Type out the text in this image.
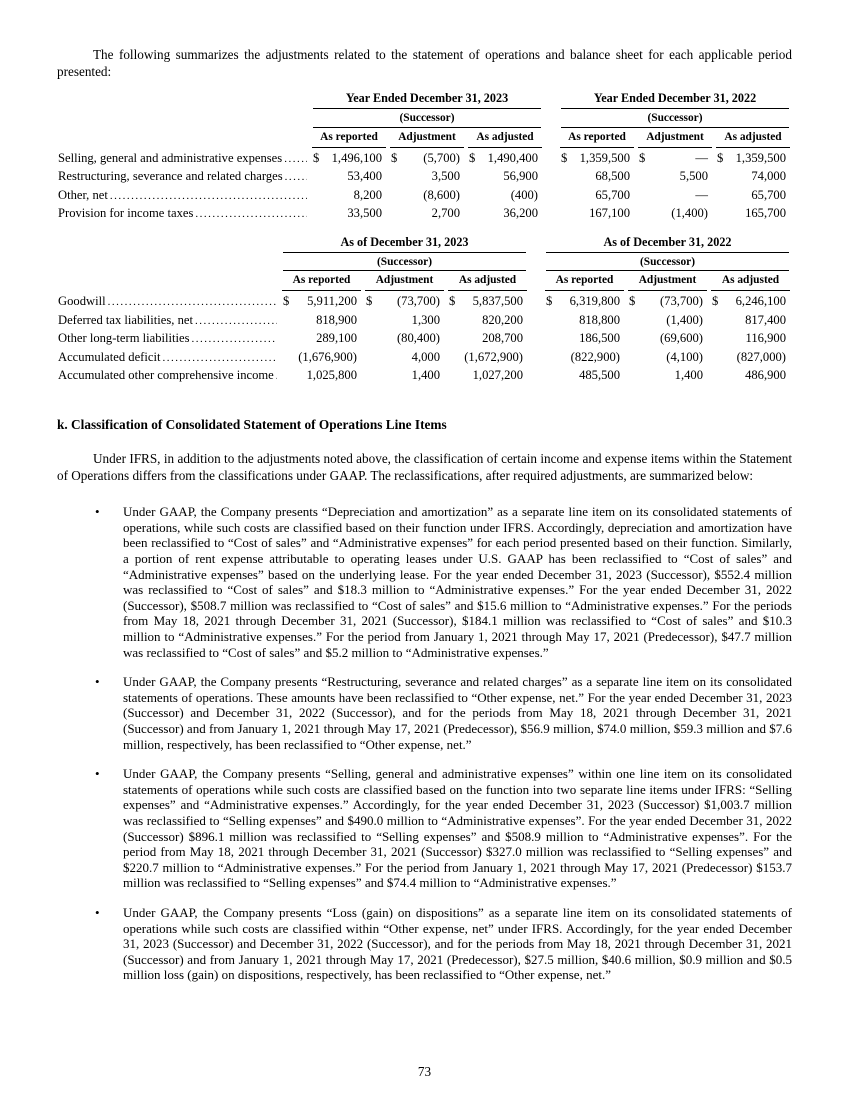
The following summarizes the adjustments related to the statement of operations and balance sheet for each applicable period presented:

	Year Ended December 31, 2023				Year Ended December 31, 2022		

	(Successor)				(Successor)		

	As reported	Adjustment	As adjusted		As reported	Adjustment	As adjusted

Selling, general and administrative expenses
.....	$ 1,496,100	$ (5,700)	$ 1,490,400		$ 1,359,500	$ —	$ 1,359,500

Restructuring, severance and related charges
.....	53,400	3,500	56,900		68,500	5,500	74,000

Other, net
.....	8,200	(8,600)	(400)		65,700	—	65,700

Provision for income taxes
.....	33,500	2,700	36,200		167,100	(1,400)	165,700

	As of December 31, 2023				As of December 31, 2022		

	(Successor)				(Successor)		

	As reported	Adjustment	As adjusted		As reported	Adjustment	As adjusted

Goodwill
.....	$ 5,911,200	$ (73,700)	$ 5,837,500		$ 6,319,800	$ (73,700)	$ 6,246,100

Deferred tax liabilities, net
.....	818,900	1,300	820,200		818,800	(1,400)	817,400

Other long-term liabilities
.....	289,100	(80,400)	208,700		186,500	(69,600)	116,900

Accumulated deficit
.....	(1,676,900)	4,000	(1,672,900)		(822,900)	(4,100)	(827,000)

Accumulated other comprehensive income
.....	1,025,800	1,400	1,027,200		485,500	1,400	486,900
k. Classification of Consolidated Statement of Operations Line Items

Under IFRS, in addition to the adjustments noted above, the classification of certain income and expense items within the Statement of Operations differs from the classifications under GAAP. The reclassifications, after required adjustments, are summarized below:

•	Under GAAP, the Company presents “Depreciation and amortization” as a separate line item on its consolidated statements of operations, while such costs are classified based on their function under IFRS. Accordingly, depreciation and amortization have been reclassified to “Cost of sales” and “Administrative expenses” for each period presented based on their function. Similarly, a portion of rent expense attributable to operating leases under U.S. GAAP has been reclassified to “Cost of sales” and “Administrative expenses” based on the underlying lease. For the year ended December 31, 2023 (Successor), $552.4 million was reclassified to “Cost of sales” and $18.3 million to “Administrative expenses.” For the year ended December 31, 2022 (Successor), $508.7 million was reclassified to “Cost of sales” and $15.6 million to “Administrative expenses.” For the periods from May 18, 2021 through December 31, 2021 (Successor), $184.1 million was reclassified to “Cost of sales” and $10.3 million to “Administrative expenses.” For the period from January 1, 2021 through May 17, 2021 (Predecessor), $47.7 million was reclassified to “Cost of sales” and $5.2 million to “Administrative expenses.”

•	Under GAAP, the Company presents “Restructuring, severance and related charges” as a separate line item on its consolidated statements of operations. These amounts have been reclassified to “Other expense, net.” For the year ended December 31, 2023 (Successor) and December 31, 2022 (Successor), and for the periods from May 18, 2021 through December 31, 2021 (Successor) and from January 1, 2021 through May 17, 2021 (Predecessor), $56.9 million, $74.0 million, $59.3 million and $7.6 million, respectively, has been reclassified to “Other expense, net.”

•	Under GAAP, the Company presents “Selling, general and administrative expenses” within one line item on its consolidated statements of operations while such costs are classified based on the function into two separate line items under IFRS: “Selling expenses” and “Administrative expenses.” Accordingly, for the year ended December 31, 2023 (Successor) $1,003.7 million was reclassified to “Selling expenses” and $490.0 million to “Administrative expenses”. For the year ended December 31, 2022 (Successor) $896.1 million was reclassified to “Selling expenses” and $508.9 million to “Administrative expenses”. For the period from May 18, 2021 through December 31, 2021 (Successor) $327.0 million was reclassified to “Selling expenses” and $220.7 million to “Administrative expenses.” For the period from January 1, 2021 through May 17, 2021 (Predecessor) $153.7 million was reclassified to “Selling expenses” and $74.4 million to “Administrative expenses.”

•	Under GAAP, the Company presents “Loss (gain) on dispositions” as a separate line item on its consolidated statements of operations while such costs are classified within “Other expense, net” under IFRS. Accordingly, for the year ended December 31, 2023 (Successor) and December 31, 2022 (Successor), and for the periods from May 18, 2021 through December 31, 2021 (Successor) and from January 1, 2021 through May 17, 2021 (Predecessor), $27.5 million, $40.6 million, $0.9 million and $0.5 million loss (gain) on dispositions, respectively, has been reclassified to “Other expense, net.”

73
